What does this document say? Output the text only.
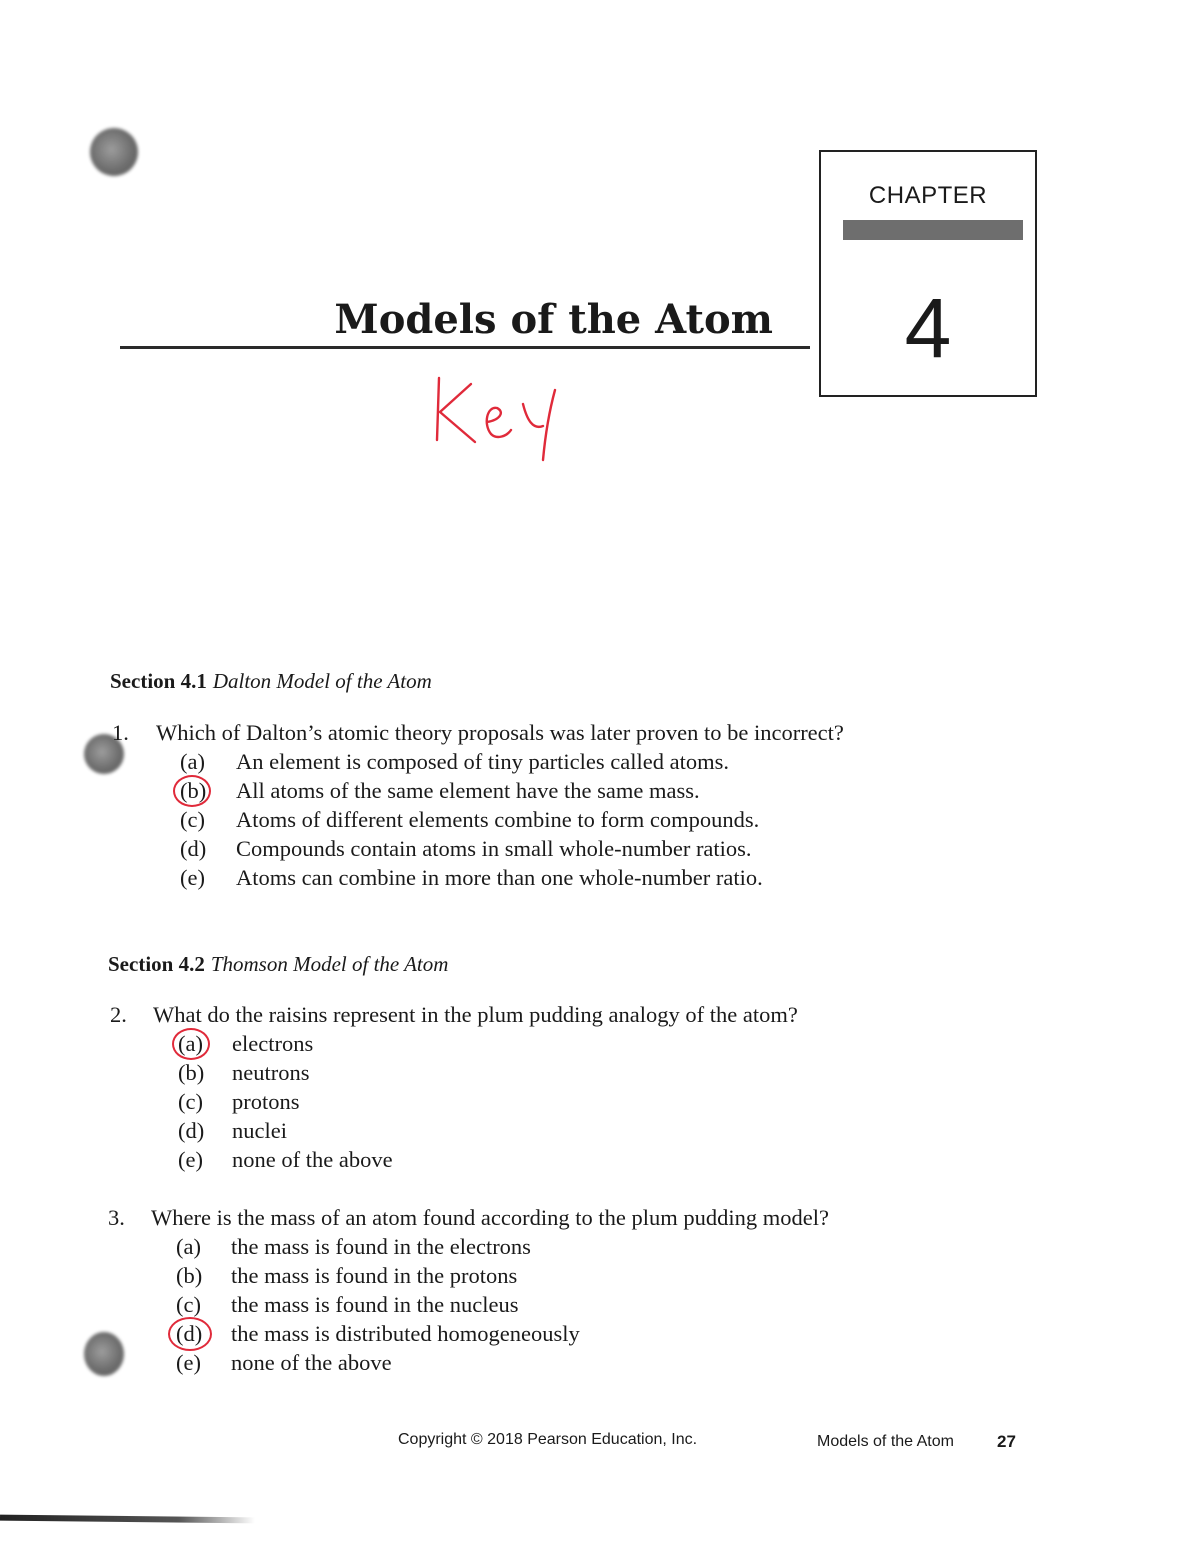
CHAPTER
4
Models of the Atom
Section 4.1 Dalton Model of the Atom
1. Which of Dalton’s atomic theory proposals was later proven to be incorrect?
(a) An element is composed of tiny particles called atoms.
(b) All atoms of the same element have the same mass.
(c) Atoms of different elements combine to form compounds.
(d) Compounds contain atoms in small whole-number ratios.
(e) Atoms can combine in more than one whole-number ratio.
Section 4.2 Thomson Model of the Atom
2. What do the raisins represent in the plum pudding analogy of the atom?
(a) electrons
(b) neutrons
(c) protons
(d) nuclei
(e) none of the above
3. Where is the mass of an atom found according to the plum pudding model?
(a) the mass is found in the electrons
(b) the mass is found in the protons
(c) the mass is found in the nucleus
(d) the mass is distributed homogeneously
(e) none of the above
Copyright © 2018 Pearson Education, Inc.	Models of the Atom	27
